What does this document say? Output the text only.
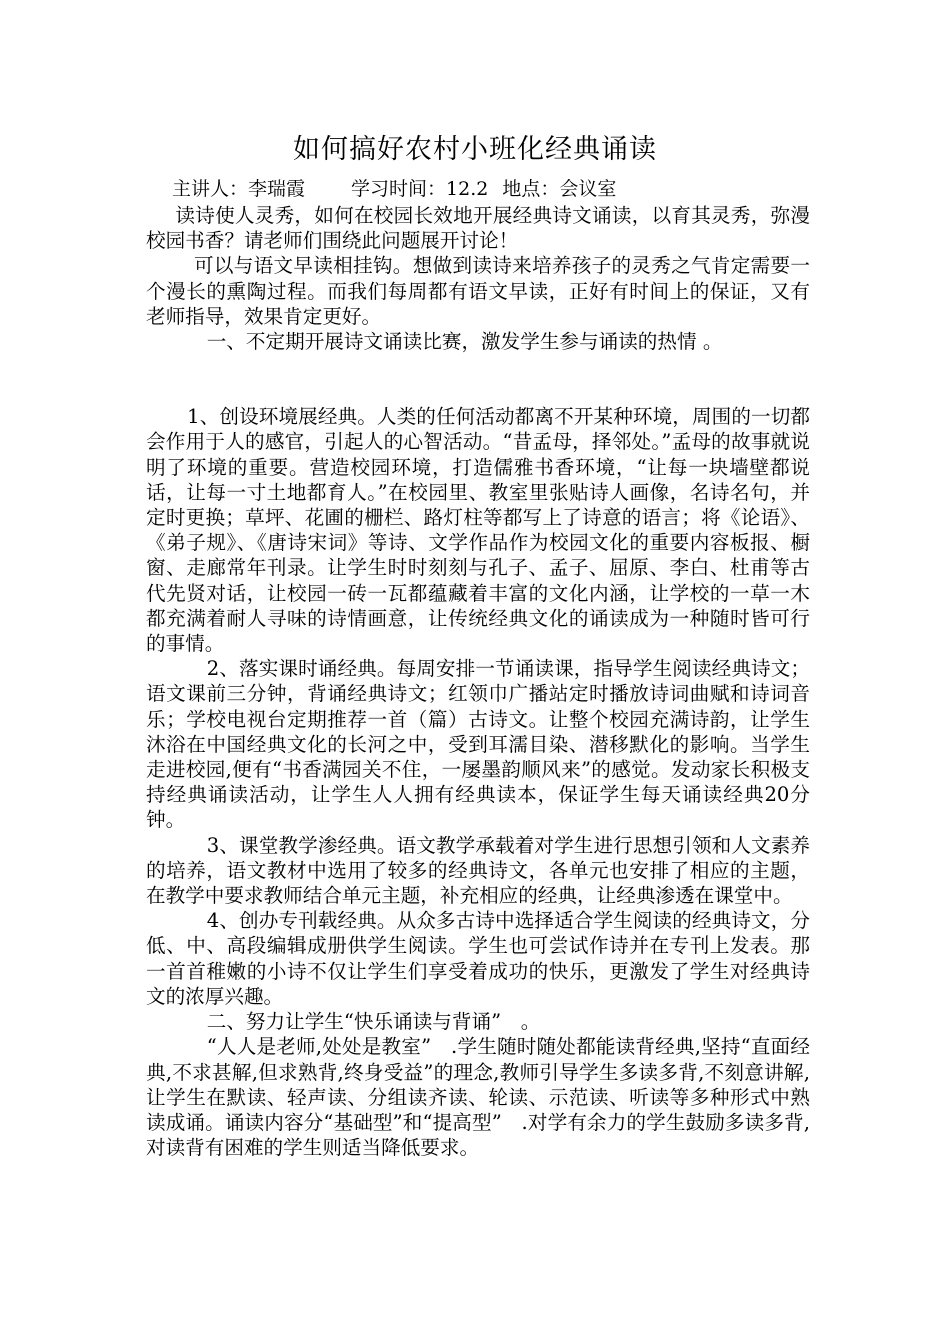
如何搞好农村小班化经典诵读
主讲人：李瑞霞 学习时间：12.2 地点：会议室

读诗使人灵秀，如何在校园长效地开展经典诗文诵读，以育其灵秀，弥漫校园书香？请老师们围绕此问题展开讨论！

可以与语文早读相挂钩。想做到读诗来培养孩子的灵秀之气肯定需要一个漫长的熏陶过程。而我们每周都有语文早读，正好有时间上的保证，又有老师指导，效果肯定更好。

一、不定期开展诗文诵读比赛，激发学生参与诵读的热情 。

1、创设环境展经典。人类的任何活动都离不开某种环境，周围的一切都会作用于人的感官，引起人的心智活动。“昔孟母，择邻处。”孟母的故事就说明了环境的重要。营造校园环境，打造儒雅书香环境，“让每一块墙壁都说话，让每一寸土地都育人。”在校园里、教室里张贴诗人画像，名诗名句，并定时更换；草坪、花圃的栅栏、路灯柱等都写上了诗意的语言；将《论语》、《弟子规》、《唐诗宋词》等诗、文学作品作为校园文化的重要内容板报、橱窗、走廊常年刊录。让学生时时刻刻与孔子、孟子、屈原、李白、杜甫等古代先贤对话，让校园一砖一瓦都蕴藏着丰富的文化内涵，让学校的一草一木都充满着耐人寻味的诗情画意，让传统经典文化的诵读成为一种随时皆可行的事情。

2、落实课时诵经典。每周安排一节诵读课，指导学生阅读经典诗文；语文课前三分钟，背诵经典诗文；红领巾广播站定时播放诗词曲赋和诗词音乐；学校电视台定期推荐一首（篇）古诗文。让整个校园充满诗韵，让学生沐浴在中国经典文化的长河之中，受到耳濡目染、潜移默化的影响。当学生走进校园,便有“书香满园关不住，一屡墨韵顺风来”的感觉。发动家长积极支持经典诵读活动，让学生人人拥有经典读本，保证学生每天诵读经典20分钟。

3、课堂教学渗经典。语文教学承载着对学生进行思想引领和人文素养的培养，语文教材中选用了较多的经典诗文，各单元也安排了相应的主题，在教学中要求教师结合单元主题，补充相应的经典，让经典渗透在课堂中。

4、创办专刊载经典。从众多古诗中选择适合学生阅读的经典诗文，分低、中、高段编辑成册供学生阅读。学生也可尝试作诗并在专刊上发表。那一首首稚嫩的小诗不仅让学生们享受着成功的快乐，更激发了学生对经典诗文的浓厚兴趣。

二、努力让学生“快乐诵读与背诵”　。

“人人是老师,处处是教室”　.学生随时随处都能读背经典,坚持“直面经典,不求甚解,但求熟背,终身受益”的理念,教师引导学生多读多背,不刻意讲解,让学生在默读、轻声读、分组读齐读、轮读、示范读、听读等多种形式中熟读成诵。诵读内容分“基础型”和“提高型”　.对学有余力的学生鼓励多读多背,对读背有困难的学生则适当降低要求。
